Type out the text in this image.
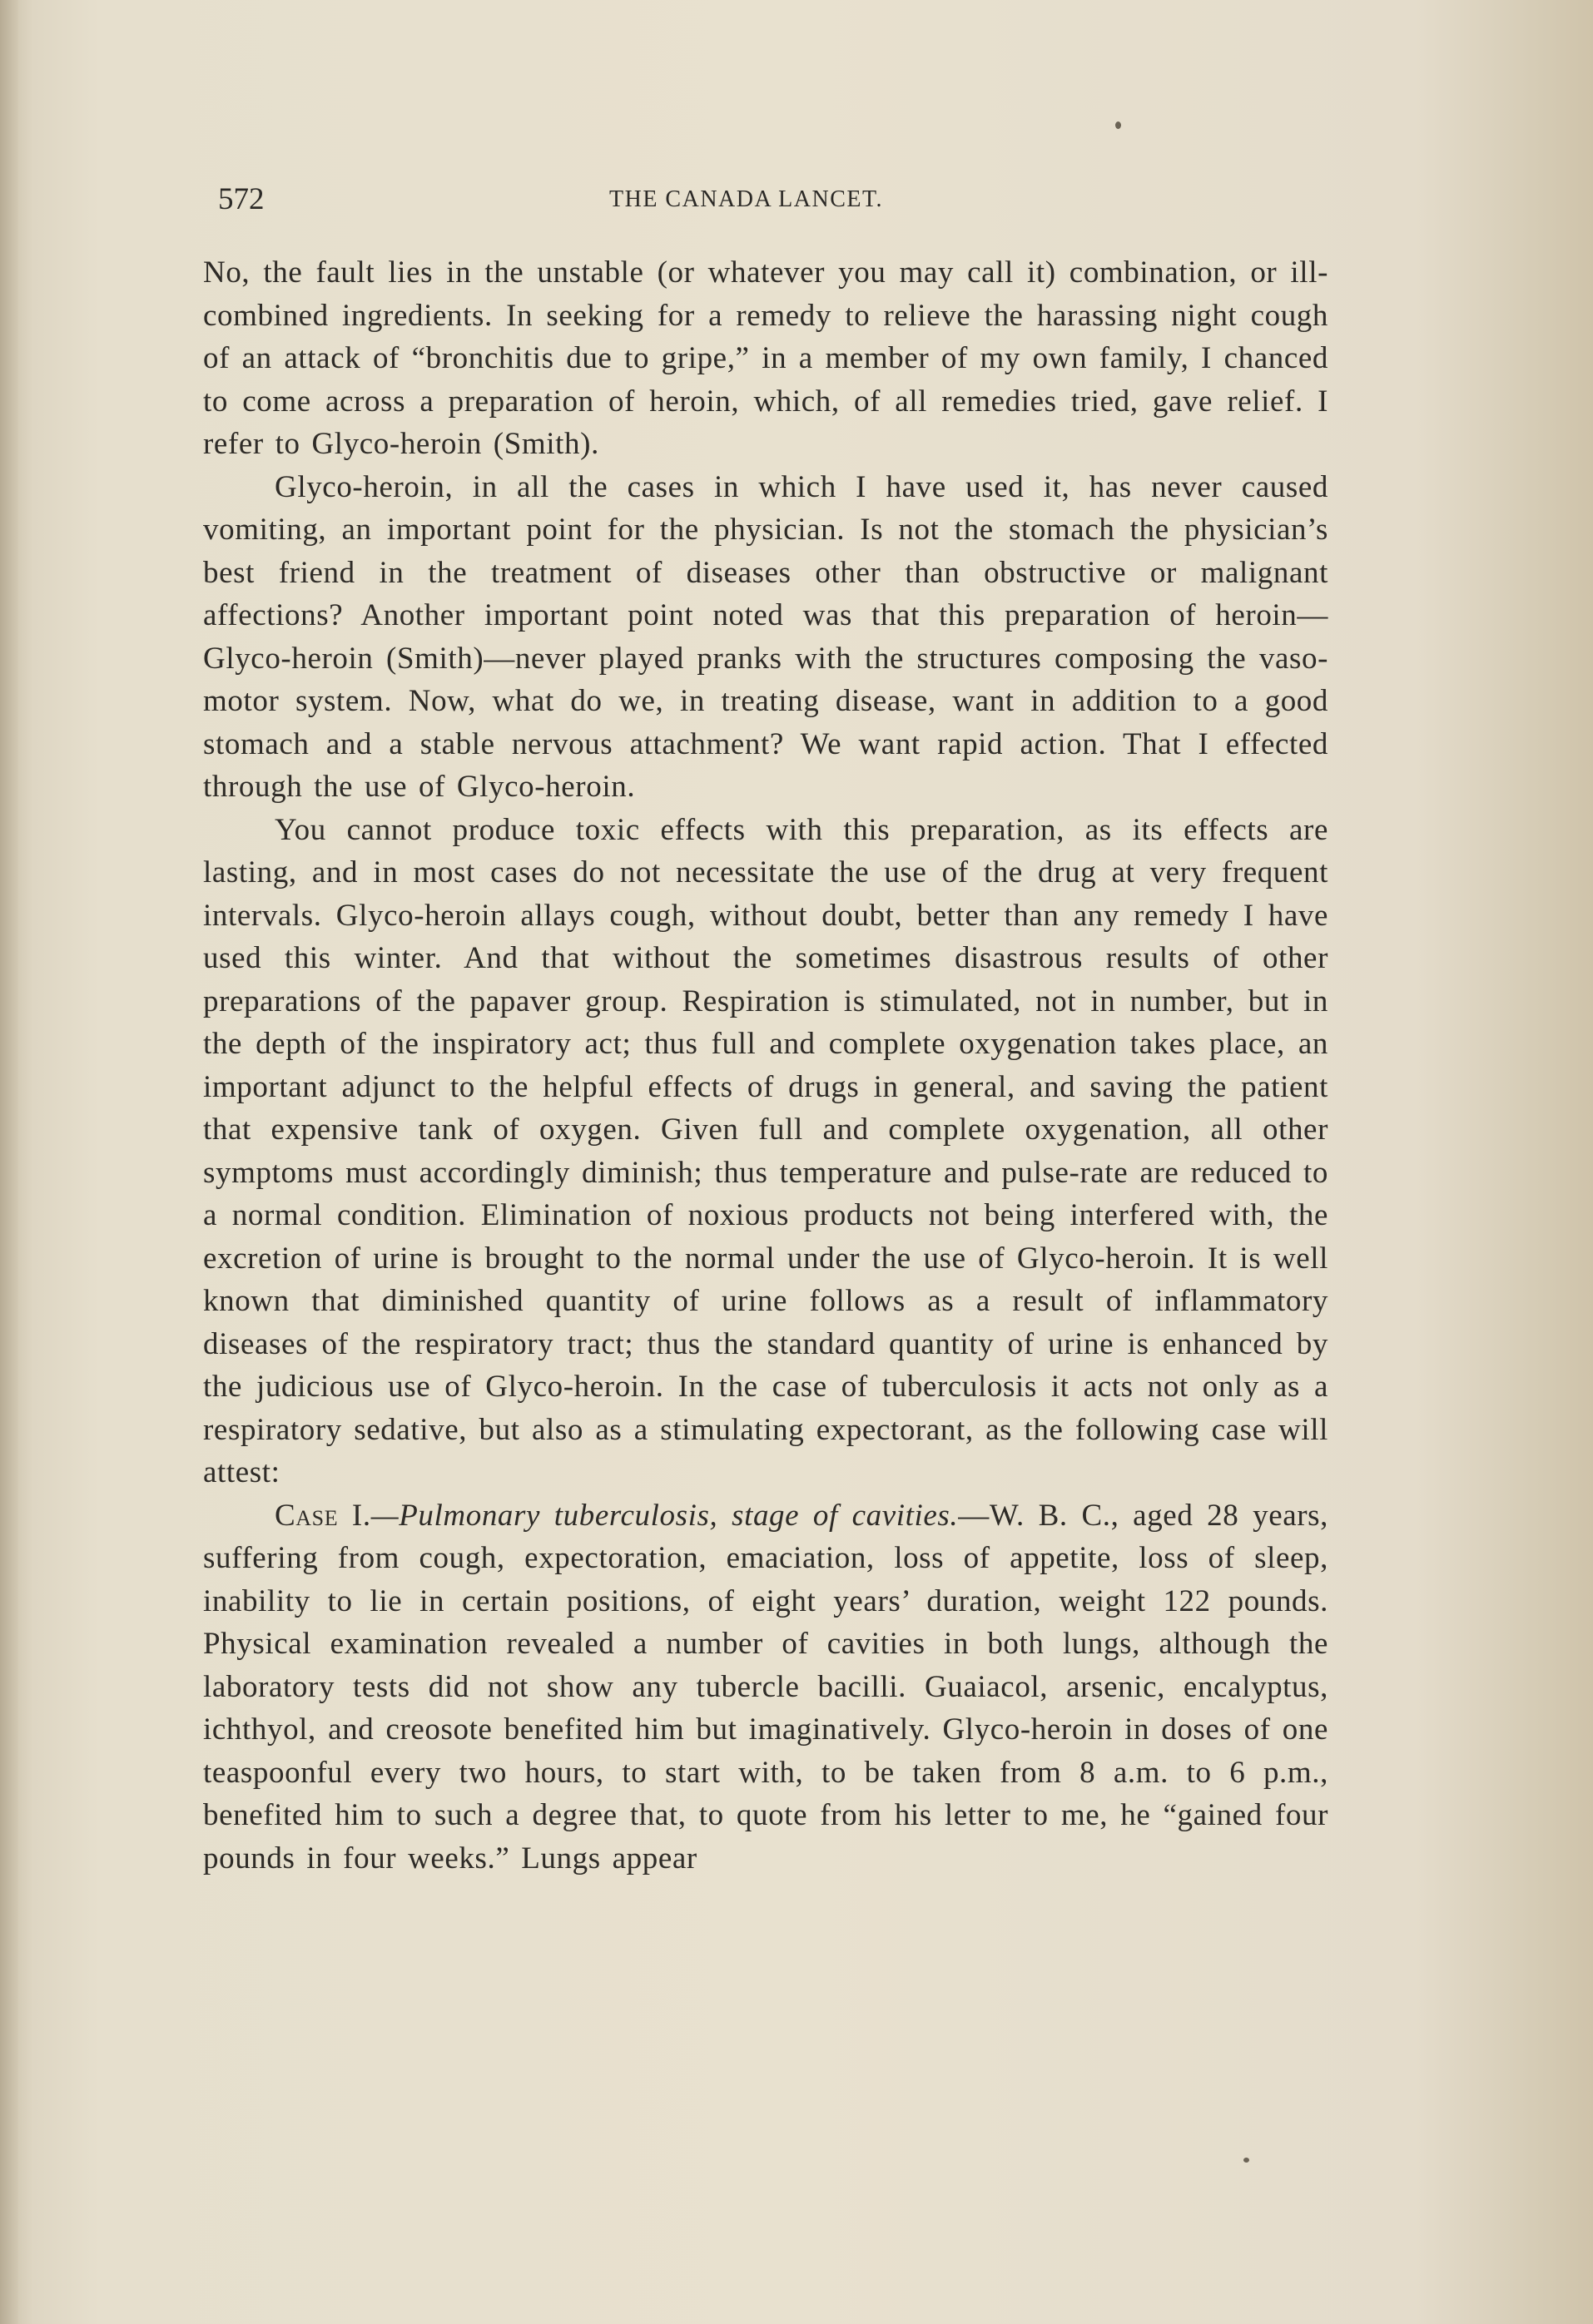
572	THE CANADA LANCET.

No, the fault lies in the unstable (or whatever you may call it) combination, or ill-combined ingredients. In seeking for a remedy to relieve the harassing night cough of an attack of “bronchitis due to gripe,” in a member of my own family, I chanced to come across a preparation of heroin, which, of all remedies tried, gave relief. I refer to Glyco-heroin (Smith).

Glyco-heroin, in all the cases in which I have used it, has never caused vomiting, an important point for the physician. Is not the stomach the physician’s best friend in the treatment of diseases other than obstructive or malignant affections? Another important point noted was that this preparation of heroin—Glyco-heroin (Smith)—never played pranks with the structures composing the vaso-motor system. Now, what do we, in treating disease, want in addition to a good stomach and a stable nervous attachment? We want rapid action. That I effected through the use of Glyco-heroin.

You cannot produce toxic effects with this preparation, as its effects are lasting, and in most cases do not necessitate the use of the drug at very frequent intervals. Glyco-heroin allays cough, without doubt, better than any remedy I have used this winter. And that without the sometimes disastrous results of other preparations of the papaver group. Respiration is stimulated, not in number, but in the depth of the inspiratory act; thus full and complete oxygenation takes place, an important adjunct to the helpful effects of drugs in general, and saving the patient that expensive tank of oxygen. Given full and complete oxygenation, all other symptoms must accordingly diminish; thus temperature and pulse-rate are reduced to a normal condition. Elimination of noxious products not being interfered with, the excretion of urine is brought to the normal under the use of Glyco-heroin. It is well known that diminished quantity of urine follows as a result of inflammatory diseases of the respiratory tract; thus the standard quantity of urine is enhanced by the judicious use of Glyco-heroin. In the case of tuberculosis it acts not only as a respiratory sedative, but also as a stimulating expectorant, as the following case will attest:

Case I.—Pulmonary tuberculosis, stage of cavities.—W. B. C., aged 28 years, suffering from cough, expectoration, emaciation, loss of appetite, loss of sleep, inability to lie in certain positions, of eight years’ duration, weight 122 pounds. Physical examination revealed a number of cavities in both lungs, although the laboratory tests did not show any tubercle bacilli. Guaiacol, arsenic, encalyptus, ichthyol, and creosote benefited him but imaginatively. Glyco-heroin in doses of one teaspoonful every two hours, to start with, to be taken from 8 a.m. to 6 p.m., benefited him to such a degree that, to quote from his letter to me, he “gained four pounds in four weeks.” Lungs appear
